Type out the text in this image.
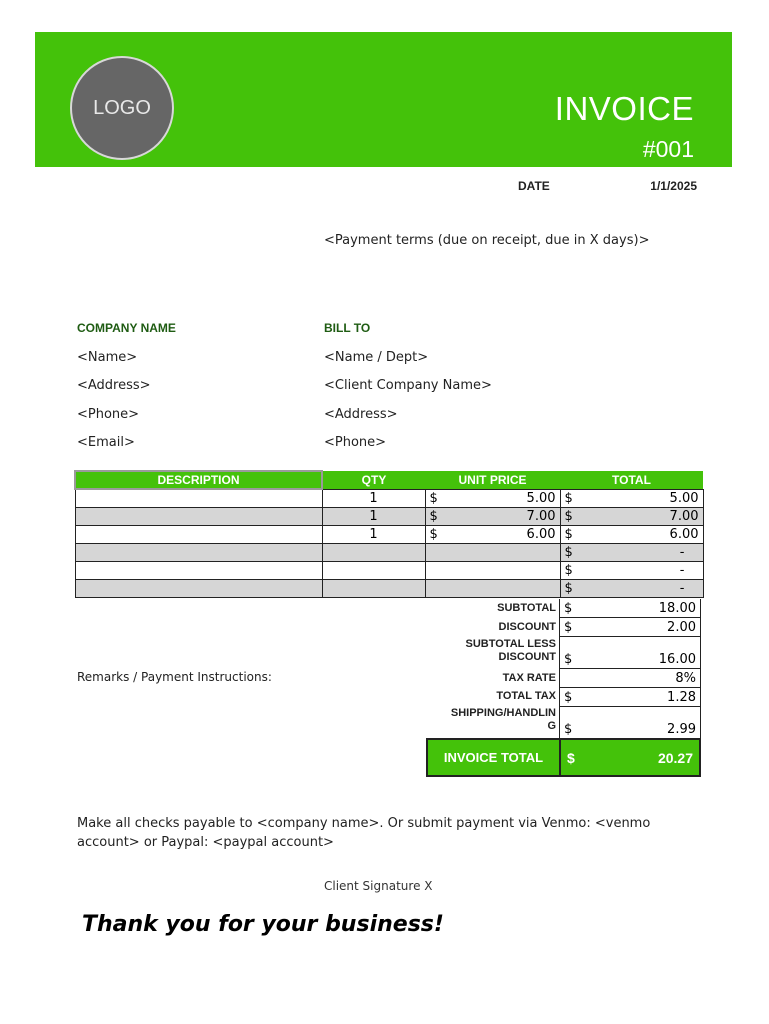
LOGO	INVOICE
#001
DATE	1/1/2025
<Payment terms (due on receipt, due in X days)>
COMPANY NAME
<Name>
<Address>
<Phone>
<Email>
BILL TO
<Name / Dept>
<Client Company Name>
<Address>
<Phone>
DESCRIPTION	QTY	UNIT PRICE	TOTAL
	1	$ 5.00	$ 5.00

	1	$ 7.00	$ 7.00

	1	$ 6.00	$ 6.00

			$ -

			$ -

			$ -
SUBTOTAL $	18.00
DISCOUNT $	2.00
SUBTOTAL LESS
DISCOUNT $	16.00
TAX RATE	8%
TOTAL TAX $	1.28
SHIPPING/HANDLIN
G $	2.99
INVOICE TOTAL	$	20.27
Remarks / Payment Instructions:
Make all checks payable to <company name>. Or submit payment via Venmo: <venmo account> or Paypal: <paypal account>
Client Signature X
Thank you for your business!
